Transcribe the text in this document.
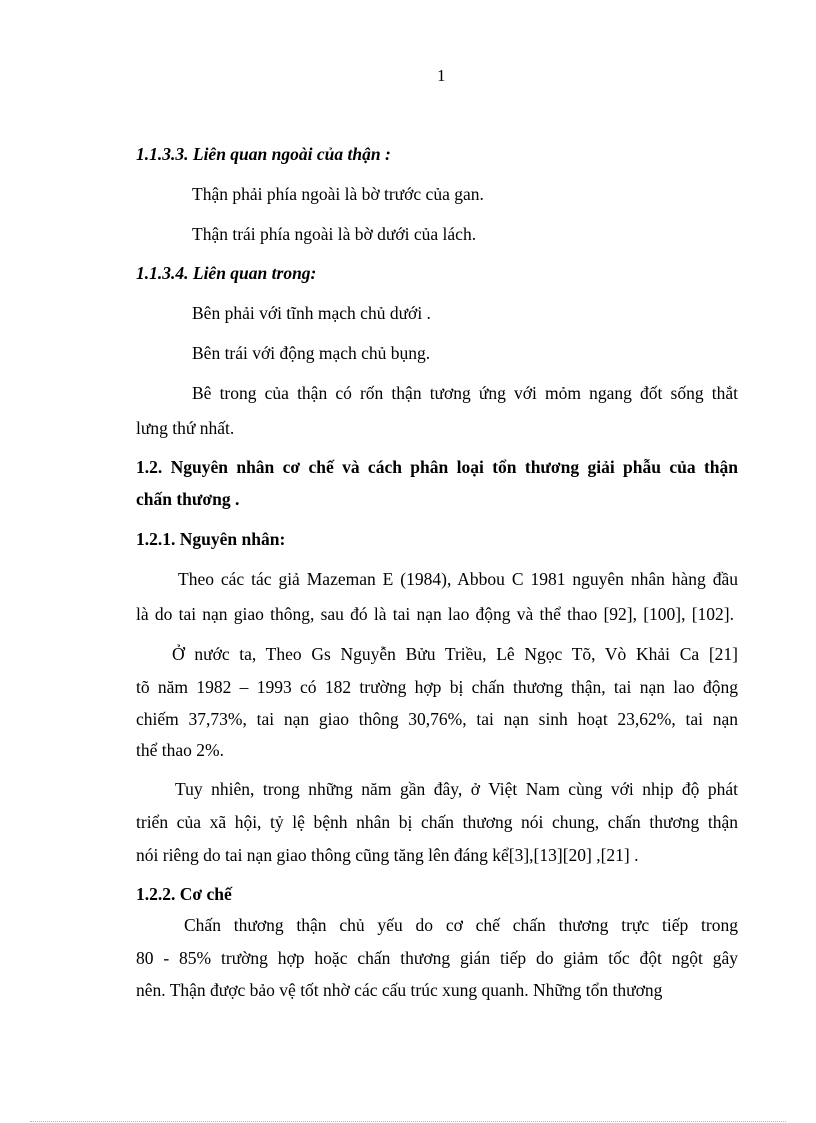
1
1.1.3.3. Liên quan ngoài của thận :
Thận phải phía ngoài là bờ trước của gan.
Thận trái phía ngoài là bờ dưới của lách.
1.1.3.4. Liên quan trong:
Bên phải với tĩnh mạch chủ dưới .
Bên trái với động mạch chủ bụng.
Bê trong của thận có rốn thận tương ứng với mỏm ngang đốt sống thắt
lưng thứ nhất.
1.2. Nguyên nhân cơ chế và cách phân loại tổn thương giải phẫu của thận
chấn thương .
1.2.1. Nguyên nhân:
Theo các tác giả Mazeman E (1984), Abbou C 1981 nguyên nhân hàng đầu
là do tai nạn giao thông, sau đó là tai nạn lao động và thể thao [92], [100], [102].
Ở nước ta, Theo Gs Nguyễn Bửu Triều, Lê Ngọc Tõ, Vò Khải Ca [21]
tõ năm 1982 – 1993 có 182 trường hợp bị chấn thương thận, tai nạn lao động
chiếm 37,73%, tai nạn giao thông 30,76%, tai nạn sinh hoạt 23,62%, tai nạn
thể thao 2%.
Tuy nhiên, trong những năm gần đây, ở Việt Nam cùng với nhịp độ phát
triển của xã hội, tỷ lệ bệnh nhân bị chấn thương nói chung, chấn thương thận
nói riêng do tai nạn giao thông cũng tăng lên đáng kể[3],[13][20] ,[21] .
1.2.2. Cơ chế
Chấn thương thận chủ yếu do cơ chế chấn thương trực tiếp trong
80 - 85% trường hợp hoặc chấn thương gián tiếp do giảm tốc đột ngột gây
nên. Thận được bảo vệ tốt nhờ các cấu trúc xung quanh. Những tổn thương
